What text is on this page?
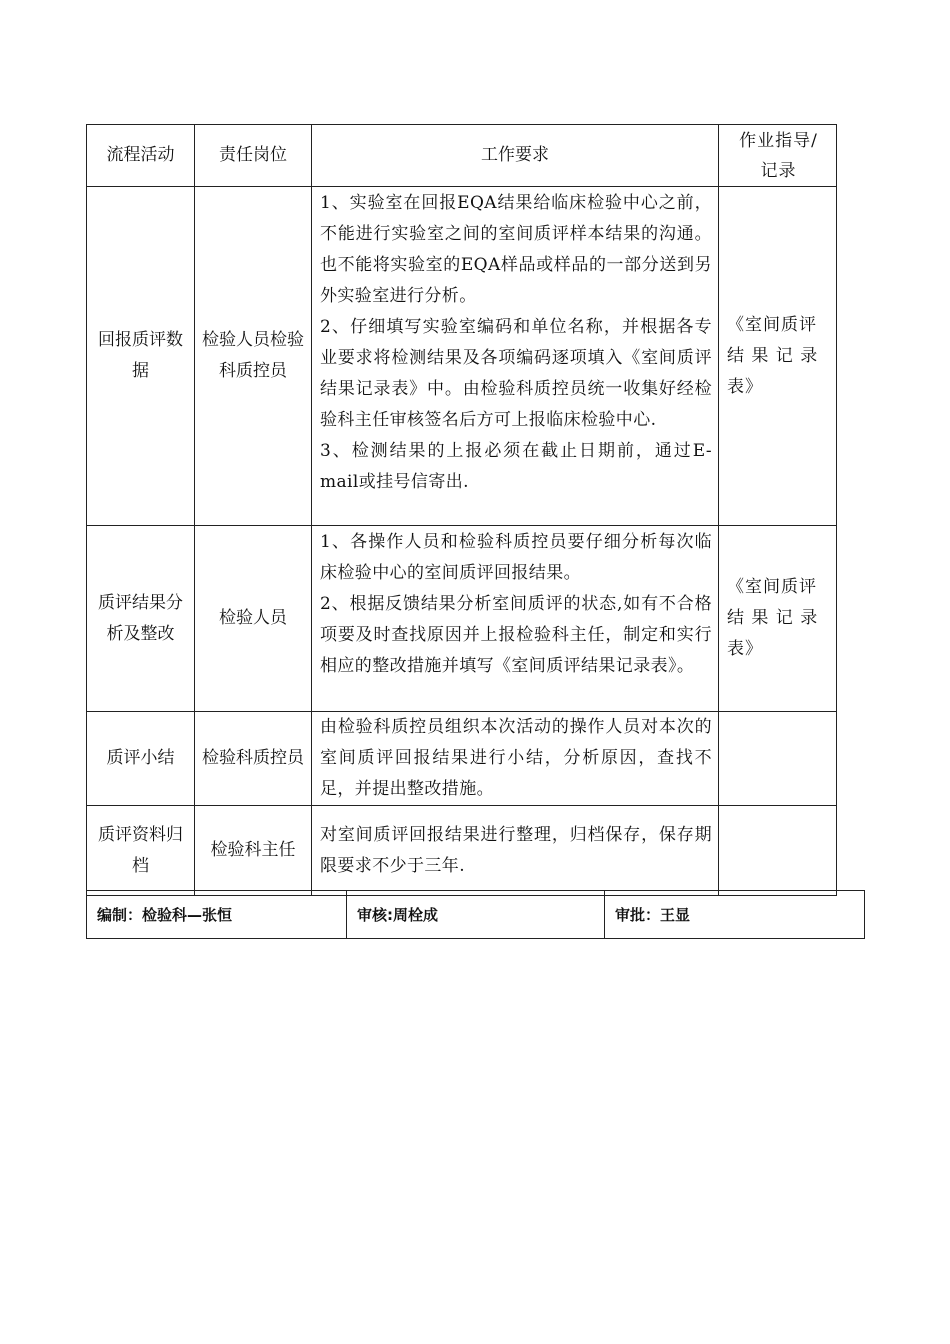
流程活动	责任岗位	工作要求	作业指导/
记录
回报质评数据	检验人员检验科质控员	1、实验室在回报EQA结果给临床检验中心之前，不能进行实验室之间的室间质评样本结果的沟通。也不能将实验室的EQA样品或样品的一部分送到另外实验室进行分析。
2、仔细填写实验室编码和单位名称，并根据各专业要求将检测结果及各项编码逐项填入《室间质评结果记录表》中。由检验科质控员统一收集好经检验科主任审核签名后方可上报临床检验中心.
3、检测结果的上报必须在截止日期前，通过E-mail或挂号信寄出.	《室间质评结 果 记 录表》
质评结果分析及整改	检验人员	1、各操作人员和检验科质控员要仔细分析每次临床检验中心的室间质评回报结果。
2、根据反馈结果分析室间质评的状态,如有不合格项要及时查找原因并上报检验科主任，制定和实行相应的整改措施并填写《室间质评结果记录表》。	《室间质评结 果 记 录表》
质评小结	检验科质控员	由检验科质控员组织本次活动的操作人员对本次的室间质评回报结果进行小结，分析原因，查找不足，并提出整改措施。	

质评资料归档	检验科主任	对室间质评回报结果进行整理，归档保存，保存期限要求不少于三年.	

编制：检验科—张恒	审核:周栓成	审批：王显
